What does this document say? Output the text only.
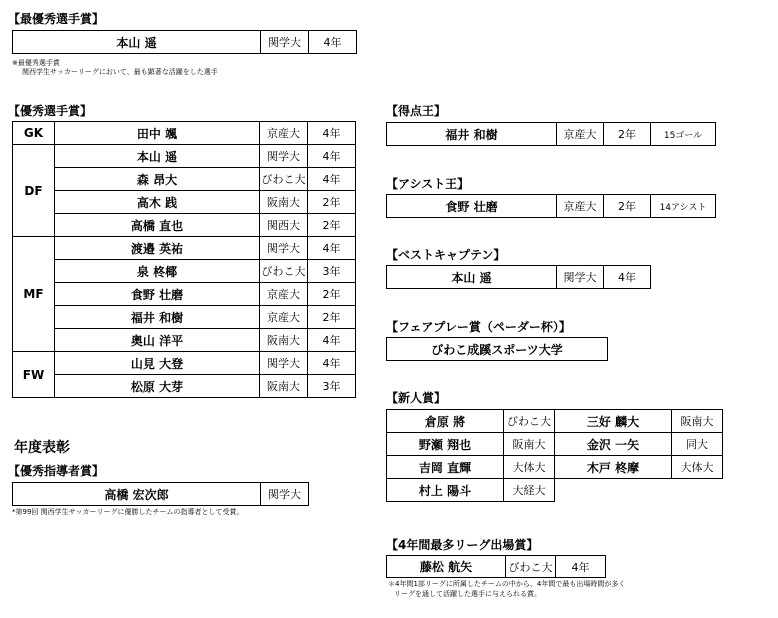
【最優秀選手賞】
本山 遥	関学大	4年
※最優秀選手賞
関西学生サッカーリーグにおいて、最も顕著な活躍をした選手
【優秀選手賞】
GK	田中 颯	京産大	4年
DF	本山 遥	関学大	4年
	森 昂大	びわこ大	4年
	高木 践	阪南大	2年
	高橋 直也	関西大	2年
MF	渡邉 英祐	関学大	4年
	泉 柊椰	びわこ大	3年
	食野 壮磨	京産大	2年
	福井 和樹	京産大	2年
	奥山 洋平	阪南大	4年
FW	山見 大登	関学大	4年
	松原 大芽	阪南大	3年
年度表彰
【優秀指導者賞】
高橋 宏次郎	関学大
*第99回 関西学生サッカーリーグに優勝したチームの指導者として受賞。
【得点王】
福井 和樹	京産大	2年	15ゴール
【アシスト王】
食野 壮磨	京産大	2年	14アシスト
【ベストキャプテン】
本山 遥	関学大	4年
【フェアプレー賞（ペーダー杯）】
びわこ成蹊スポーツ大学
【新人賞】
倉原 將	びわこ大	三好 麟大	阪南大
野瀬 翔也	阪南大	金沢 一矢	同大
吉岡 直輝	大体大	木戸 柊摩	大体大
村上 陽斗	大経大		
【4年間最多リーグ出場賞】
藤松 航矢	びわこ大	4年
＊4年間1部リーグに所属したチームの中から、4年間で最も出場時間が多く
リーグを通して活躍した選手に与えられる賞。
